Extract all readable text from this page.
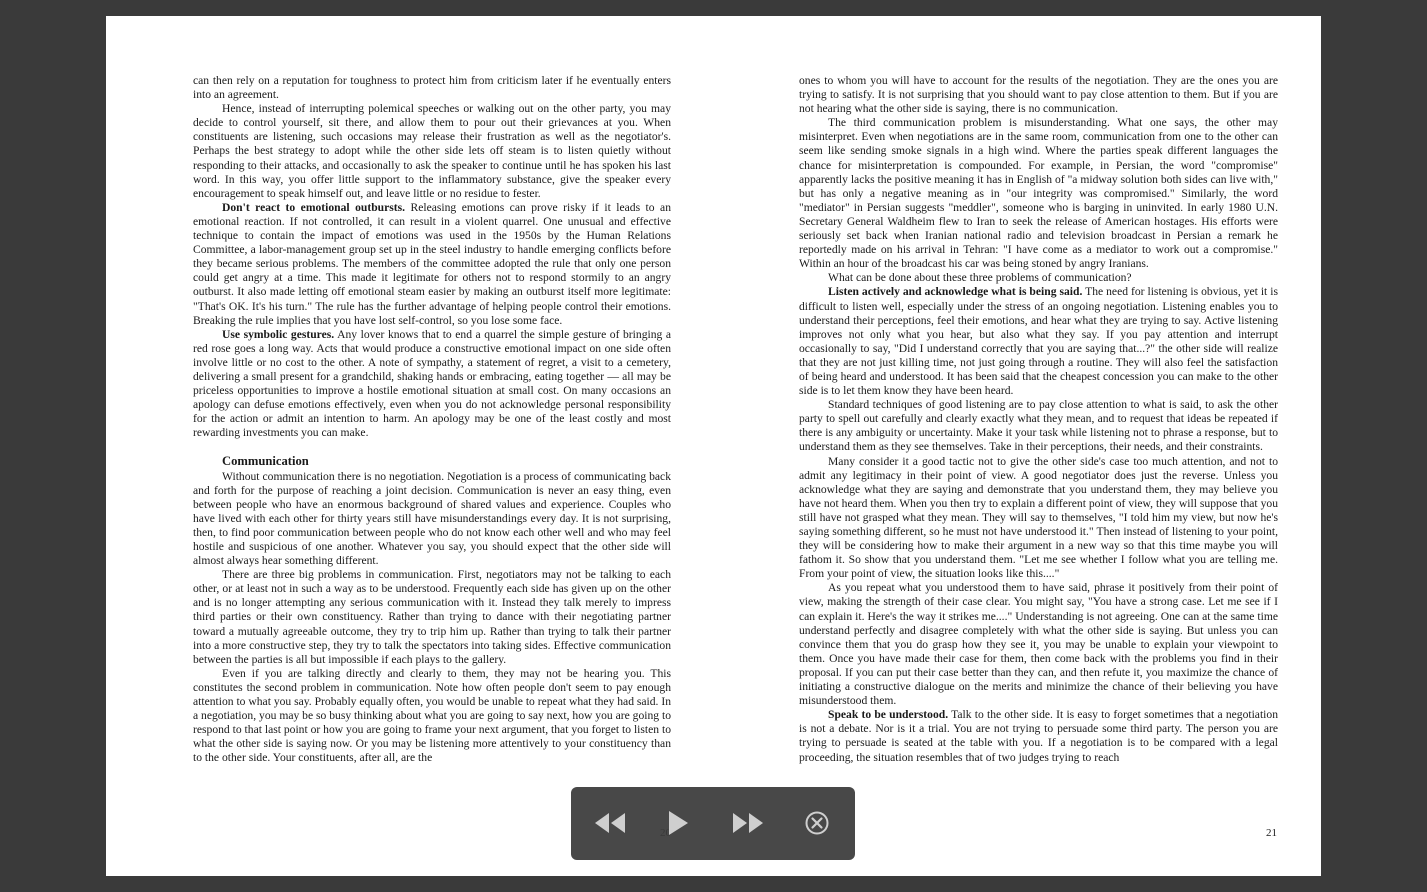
can then rely on a reputation for toughness to protect him from criticism later if he eventually enters into an agreement.

Hence, instead of interrupting polemical speeches or walking out on the other party, you may decide to control yourself, sit there, and allow them to pour out their grievances at you. When constituents are listening, such occasions may release their frustration as well as the negotiator's. Perhaps the best strategy to adopt while the other side lets off steam is to listen quietly without responding to their attacks, and occasionally to ask the speaker to continue until he has spoken his last word. In this way, you offer little support to the inflammatory substance, give the speaker every encouragement to speak himself out, and leave little or no residue to fester.

Don't react to emotional outbursts. Releasing emotions can prove risky if it leads to an emotional reaction. If not controlled, it can result in a violent quarrel. One unusual and effective technique to contain the impact of emotions was used in the 1950s by the Human Relations Committee, a labor-management group set up in the steel industry to handle emerging conflicts before they became serious problems. The members of the committee adopted the rule that only one person could get angry at a time. This made it legitimate for others not to respond stormily to an angry outburst. It also made letting off emotional steam easier by making an outburst itself more legitimate: "That's OK. It's his turn." The rule has the further advantage of helping people control their emotions. Breaking the rule implies that you have lost self-control, so you lose some face.

Use symbolic gestures. Any lover knows that to end a quarrel the simple gesture of bringing a red rose goes a long way. Acts that would produce a constructive emotional impact on one side often involve little or no cost to the other. A note of sympathy, a statement of regret, a visit to a cemetery, delivering a small present for a grandchild, shaking hands or embracing, eating together — all may be priceless opportunities to improve a hostile emotional situation at small cost. On many occasions an apology can defuse emotions effectively, even when you do not acknowledge personal responsibility for the action or admit an intention to harm. An apology may be one of the least costly and most rewarding investments you can make.

Communication

Without communication there is no negotiation. Negotiation is a process of communicating back and forth for the purpose of reaching a joint decision. Communication is never an easy thing, even between people who have an enormous background of shared values and experience. Couples who have lived with each other for thirty years still have misunderstandings every day. It is not surprising, then, to find poor communication between people who do not know each other well and who may feel hostile and suspicious of one another. Whatever you say, you should expect that the other side will almost always hear something different.

There are three big problems in communication. First, negotiators may not be talking to each other, or at least not in such a way as to be understood. Frequently each side has given up on the other and is no longer attempting any serious communication with it. Instead they talk merely to impress third parties or their own constituency. Rather than trying to dance with their negotiating partner toward a mutually agreeable outcome, they try to trip him up. Rather than trying to talk their partner into a more constructive step, they try to talk the spectators into taking sides. Effective communication between the parties is all but impossible if each plays to the gallery.

Even if you are talking directly and clearly to them, they may not be hearing you. This constitutes the second problem in communication. Note how often people don't seem to pay enough attention to what you say. Probably equally often, you would be unable to repeat what they had said. In a negotiation, you may be so busy thinking about what you are going to say next, how you are going to respond to that last point or how you are going to frame your next argument, that you forget to listen to what the other side is saying now. Or you may be listening more attentively to your constituency than to the other side. Your constituents, after all, are the

ones to whom you will have to account for the results of the negotiation. They are the ones you are trying to satisfy. It is not surprising that you should want to pay close attention to them. But if you are not hearing what the other side is saying, there is no communication.

The third communication problem is misunderstanding. What one says, the other may misinterpret. Even when negotiations are in the same room, communication from one to the other can seem like sending smoke signals in a high wind. Where the parties speak different languages the chance for misinterpretation is compounded. For example, in Persian, the word "compromise" apparently lacks the positive meaning it has in English of "a midway solution both sides can live with," but has only a negative meaning as in "our integrity was compromised." Similarly, the word "mediator" in Persian suggests "meddler", someone who is barging in uninvited. In early 1980 U.N. Secretary General Waldheim flew to Iran to seek the release of American hostages. His efforts were seriously set back when Iranian national radio and television broadcast in Persian a remark he reportedly made on his arrival in Tehran: "I have come as a mediator to work out a compromise." Within an hour of the broadcast his car was being stoned by angry Iranians.

What can be done about these three problems of communication?

Listen actively and acknowledge what is being said. The need for listening is obvious, yet it is difficult to listen well, especially under the stress of an ongoing negotiation. Listening enables you to understand their perceptions, feel their emotions, and hear what they are trying to say. Active listening improves not only what you hear, but also what they say. If you pay attention and interrupt occasionally to say, "Did I understand correctly that you are saying that...?" the other side will realize that they are not just killing time, not just going through a routine. They will also feel the satisfaction of being heard and understood. It has been said that the cheapest concession you can make to the other side is to let them know they have been heard.

Standard techniques of good listening are to pay close attention to what is said, to ask the other party to spell out carefully and clearly exactly what they mean, and to request that ideas be repeated if there is any ambiguity or uncertainty. Make it your task while listening not to phrase a response, but to understand them as they see themselves. Take in their perceptions, their needs, and their constraints.

Many consider it a good tactic not to give the other side's case too much attention, and not to admit any legitimacy in their point of view. A good negotiator does just the reverse. Unless you acknowledge what they are saying and demonstrate that you understand them, they may believe you have not heard them. When you then try to explain a different point of view, they will suppose that you still have not grasped what they mean. They will say to themselves, "I told him my view, but now he's saying something different, so he must not have understood it." Then instead of listening to your point, they will be considering how to make their argument in a new way so that this time maybe you will fathom it. So show that you understand them. "Let me see whether I follow what you are telling me. From your point of view, the situation looks like this...."

As you repeat what you understood them to have said, phrase it positively from their point of view, making the strength of their case clear. You might say, "You have a strong case. Let me see if I can explain it. Here's the way it strikes me...." Understanding is not agreeing. One can at the same time understand perfectly and disagree completely with what the other side is saying. But unless you can convince them that you do grasp how they see it, you may be unable to explain your viewpoint to them. Once you have made their case for them, then come back with the problems you find in their proposal. If you can put their case better than they can, and then refute it, you maximize the chance of initiating a constructive dialogue on the merits and minimize the chance of their believing you have misunderstood them.

Speak to be understood. Talk to the other side. It is easy to forget sometimes that a negotiation is not a debate. Nor is it a trial. You are not trying to persuade some third party. The person you are trying to persuade is seated at the table with you. If a negotiation is to be compared with a legal proceeding, the situation resembles that of two judges trying to reach

21
